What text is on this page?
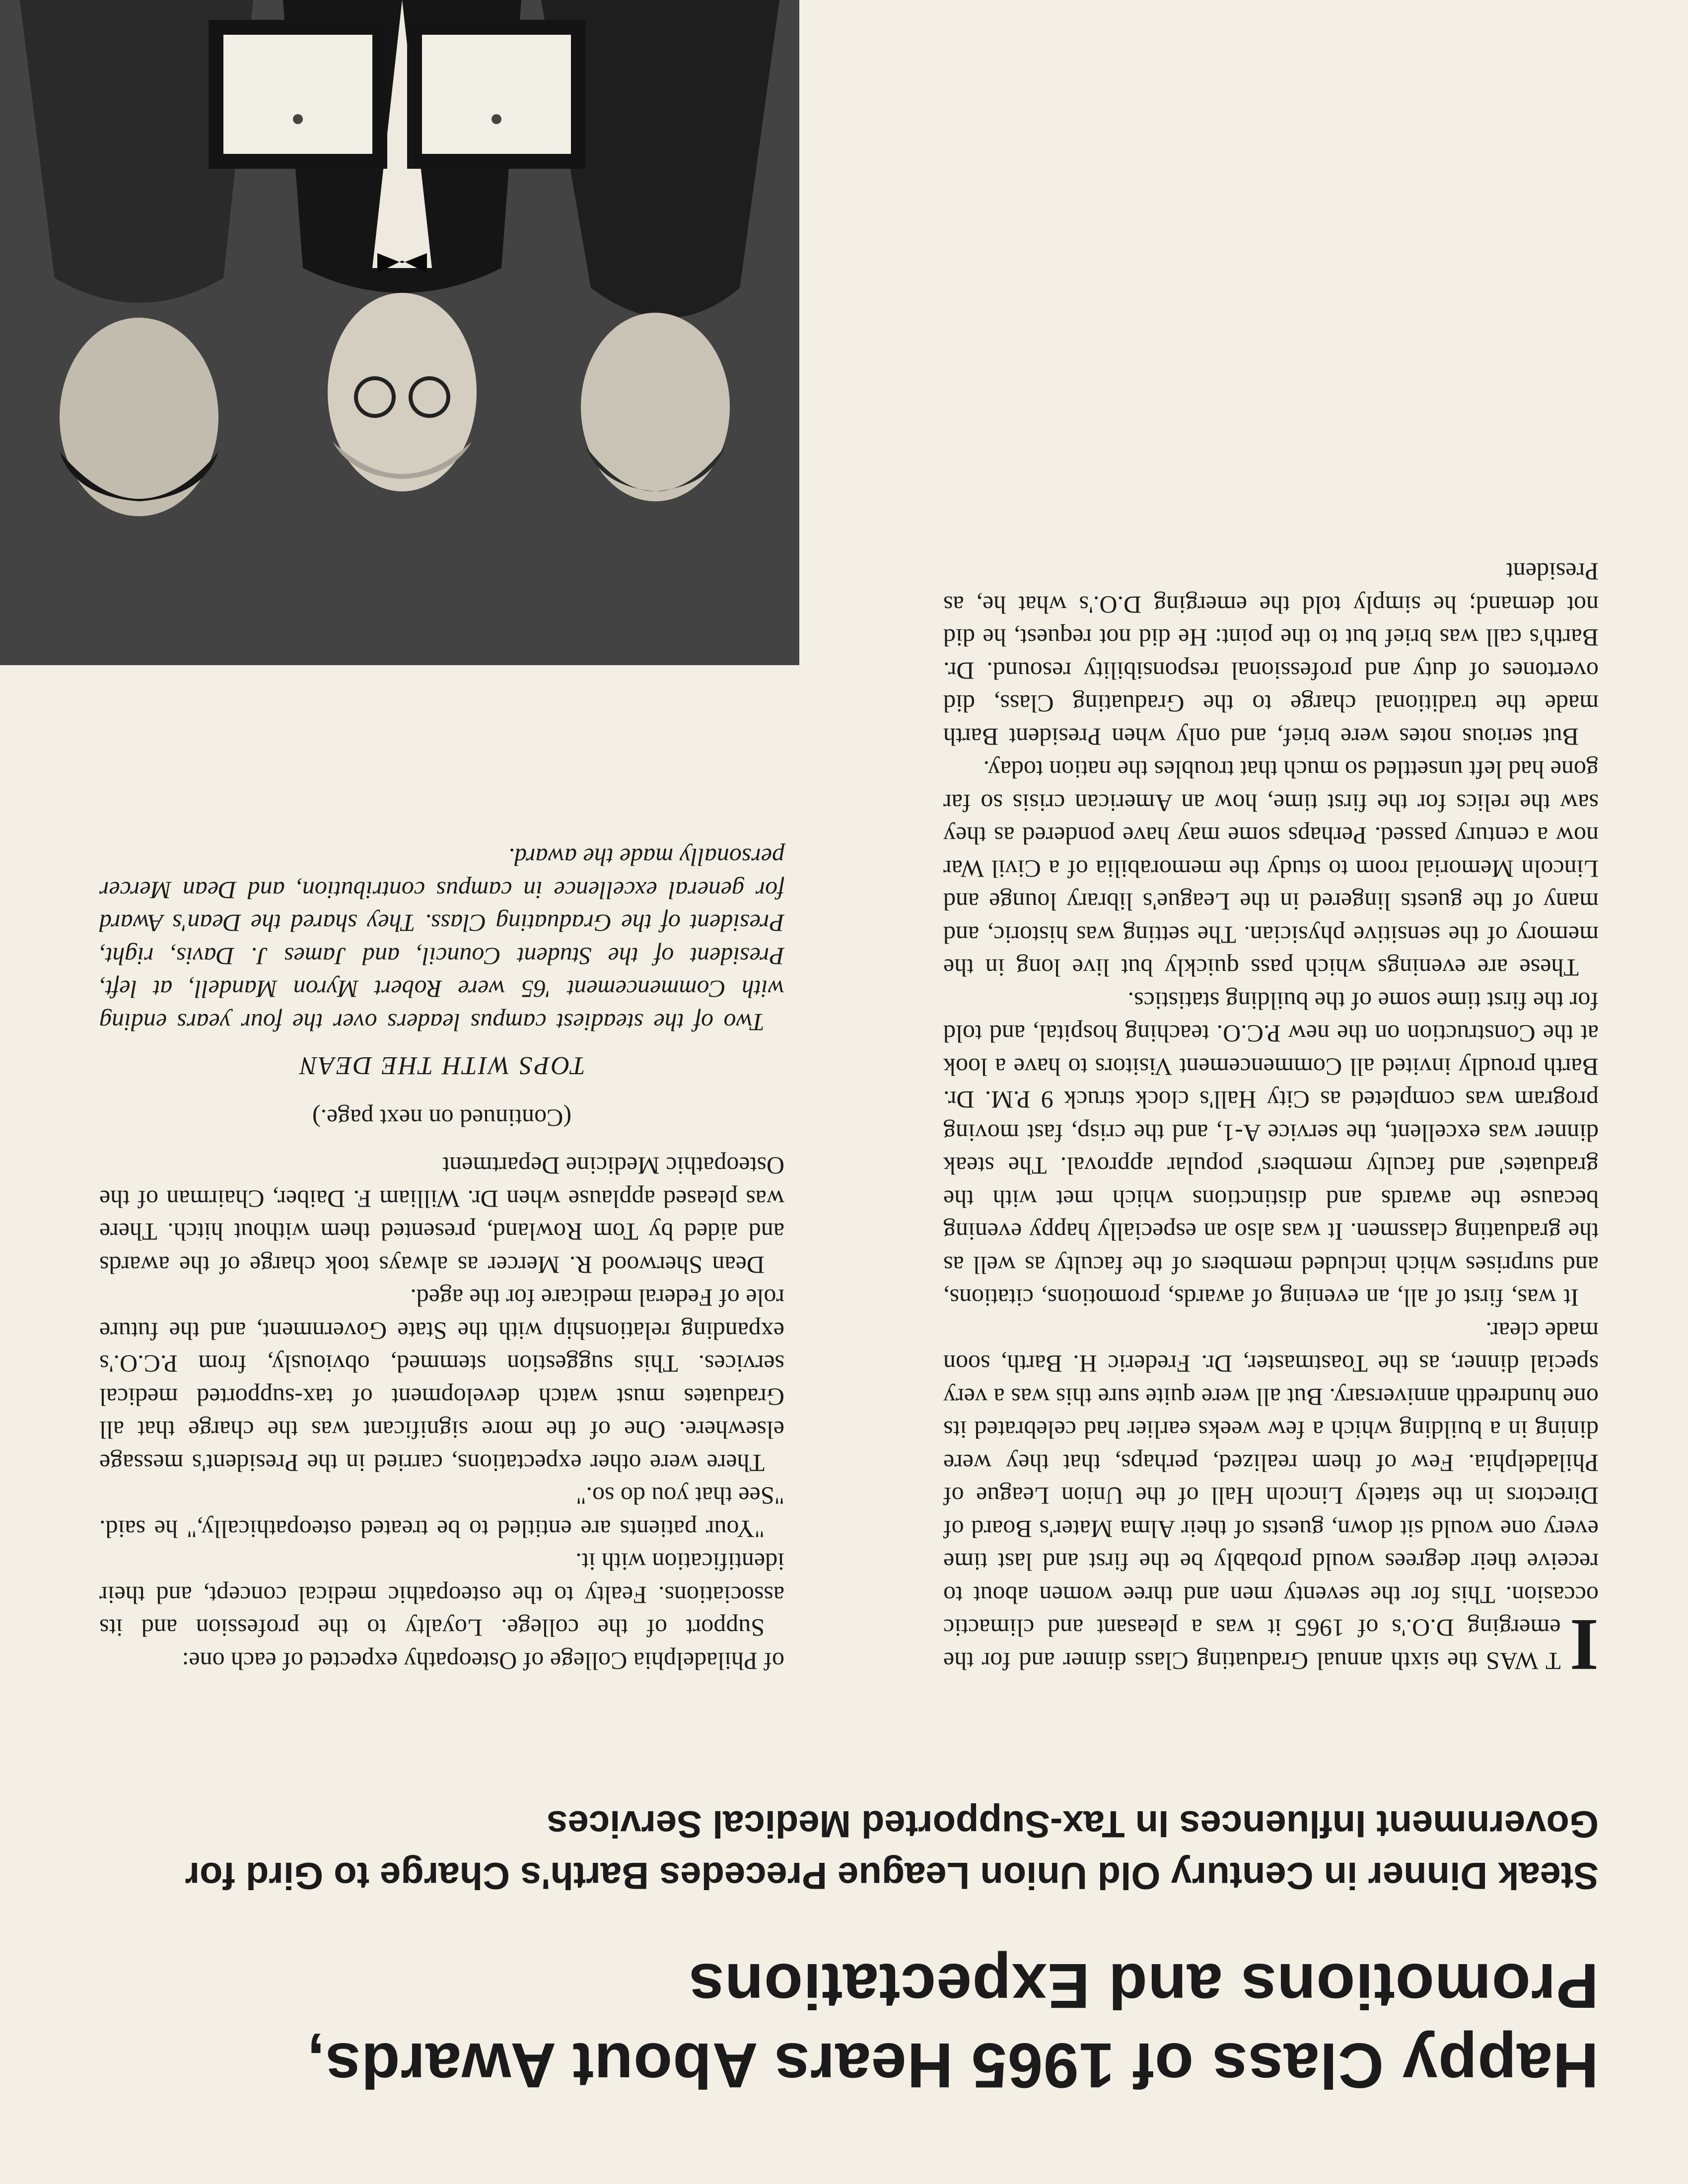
Happy Class of 1965 Hears About Awards, Promotions and Expectations
Steak Dinner in Century Old Union League Precedes Barth's Charge to Gird for Government Influences In Tax-Supported Medical Services

I
T WAS the sixth annual Graduating Class dinner and for the emerging D.O.'s of 1965 it was a pleasant and climactic occasion. This for the seventy men and three women about to receive their degrees would probably be the first and last time every one would sit down, guests of their Alma Mater's Board of Directors in the stately Lincoln Hall of the Union League of Philadelphia. Few of them realized, perhaps, that they were dining in a building which a few weeks earlier had celebrated its one hundredth anniversary. But all were quite sure this was a very special dinner, as the Toastmaster, Dr. Frederic H. Barth, soon made clear.

It was, first of all, an evening of awards, promotions, citations, and surprises which included members of the faculty as well as the graduating classmen. It was also an especially happy evening because the awards and distinctions which met with the graduates' and faculty members' popular approval. The steak dinner was excellent, the service A-1, and the crisp, fast moving program was completed as City Hall's clock struck 9 P.M. Dr. Barth proudly invited all Commencement Visitors to have a look at the Construction on the new P.C.O. teaching hospital, and told for the first time some of the building statistics.

These are evenings which pass quickly but live long in the memory of the sensitive physician. The setting was historic, and many of the guests lingered in the League's library lounge and Lincoln Memorial room to study the memorabilia of a Civil War now a century passed. Perhaps some may have pondered as they saw the relics for the first time, how an American crisis so far gone had left unsettled so much that troubles the nation today.

But serious notes were brief, and only when President Barth made the traditional charge to the Graduating Class, did overtones of duty and professional responsibility resound. Dr. Barth's call was brief but to the point: He did not request, he did not demand; he simply told the emerging D.O.'s what he, as President

of Philadelphia College of Osteopathy expected of each one:

Support of the college. Loyalty to the profession and its associations. Fealty to the osteopathic medical concept, and their identification with it.

"Your patients are entitled to be treated osteopathically," he said. "See that you do so."

There were other expectations, carried in the President's message elsewhere. One of the more significant was the charge that all Graduates must watch development of tax-supported medical services. This suggestion stemmed, obviously, from P.C.O.'s expanding relationship with the State Government, and the future role of Federal medicare for the aged.

Dean Sherwood R. Mercer as always took charge of the awards and aided by Tom Rowland, presented them without hitch. There was pleased applause when Dr. William F. Daiber, Chairman of the Osteopathic Medicine Department

(Continued on next page.)

TOPS WITH THE DEAN

Two of the steadiest campus leaders over the four years ending with Commencement '65 were Robert Myron Mandell, at left, President of the Student Council, and James J. Davis, right, President of the Graduating Class. They shared the Dean's Award for general excellence in campus contribution, and Dean Mercer personally made the award.
